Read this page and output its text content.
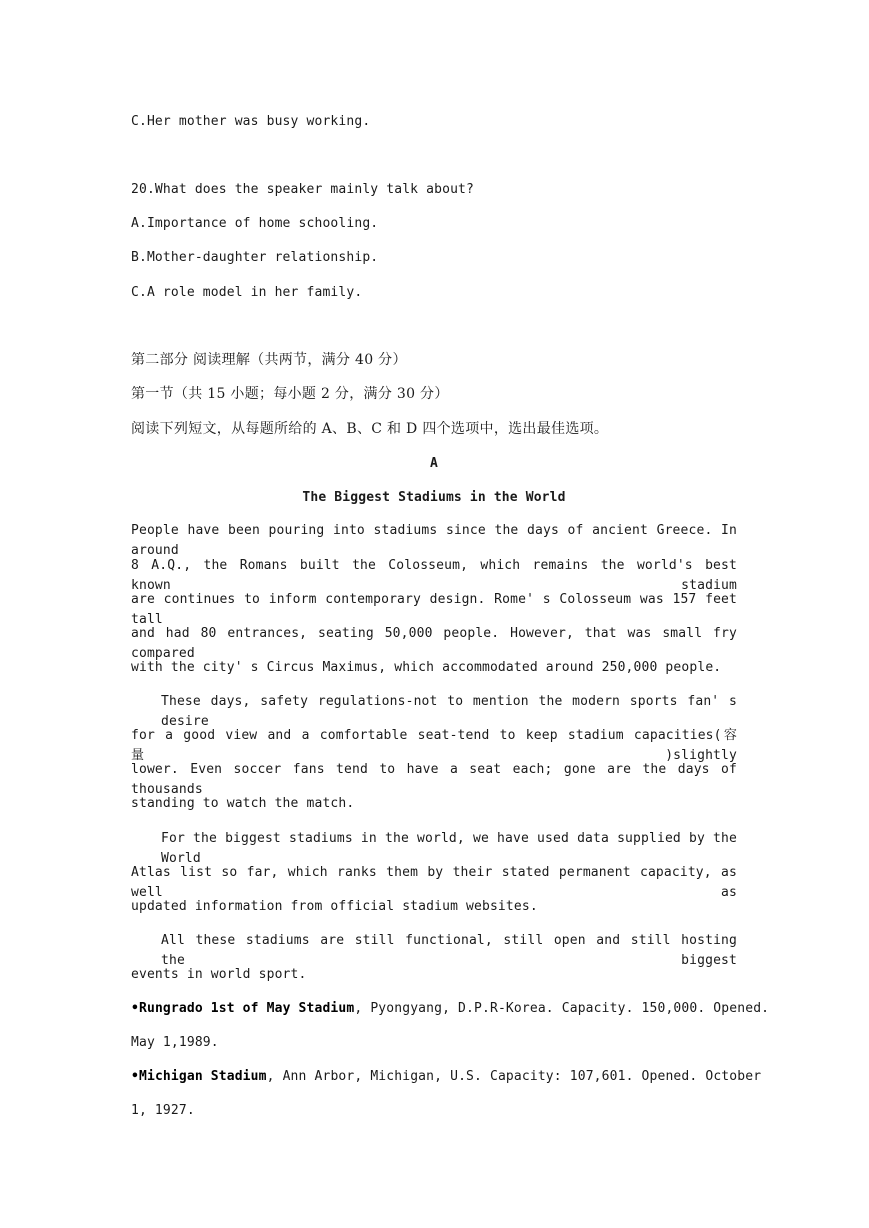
C.Her mother was busy working.
20.What does the speaker mainly talk about?
A.Importance of home schooling.
B.Mother-daughter relationship.
C.A role model in her family.
第二部分 阅读理解（共两节，满分 40 分）
第一节（共 15 小题；每小题 2 分，满分 30 分）
阅读下列短文，从每题所给的 A、B、C 和 D 四个选项中，选出最佳选项。
A
The Biggest Stadiums in the World
People have been pouring into stadiums since the days of ancient Greece. In around
8 A.Q., the Romans built the Colosseum, which remains the world's best known stadium
are continues to inform contemporary design. Rome' s Colosseum was 157 feet tall
and had 80 entrances, seating 50,000 people. However, that was small fry compared
with the city' s Circus Maximus, which accommodated around 250,000 people.
These days, safety regulations-not to mention the modern sports fan' s desire
for a good view and a comfortable seat-tend to keep stadium capacities(容量)slightly
lower. Even soccer fans tend to have a seat each; gone are the days of thousands
standing to watch the match.
For the biggest stadiums in the world, we have used data supplied by the World
Atlas list so far, which ranks them by their stated permanent capacity, as well as
updated information from official stadium websites.
All these stadiums are still functional, still open and still hosting the biggest
events in world sport.
•Rungrado 1st of May Stadium, Pyongyang, D.P.R-Korea. Capacity. 150,000. Opened.
May 1,1989.
•Michigan Stadium, Ann Arbor, Michigan, U.S. Capacity: 107,601. Opened. October
1, 1927.
